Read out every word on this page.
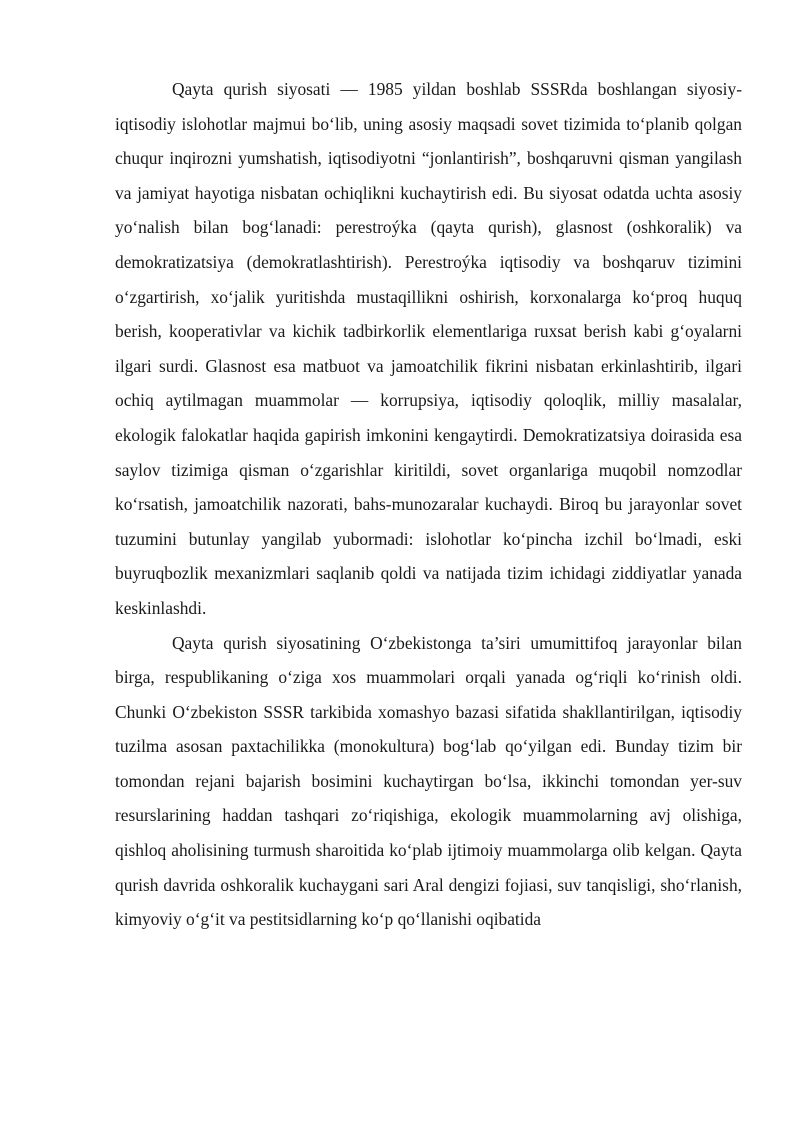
Qayta qurish siyosati — 1985 yildan boshlab SSSRda boshlangan siyosiy-iqtisodiy islohotlar majmui bo‘lib, uning asosiy maqsadi sovet tizimida to‘planib qolgan chuqur inqirozni yumshatish, iqtisodiyotni “jonlantirish”, boshqaruvni qisman yangilash va jamiyat hayotiga nisbatan ochiqlikni kuchaytirish edi. Bu siyosat odatda uchta asosiy yo‘nalish bilan bog‘lanadi: perestroýka (qayta qurish), glasnost (oshkoralik) va demokratizatsiya (demokratlashtirish). Perestroýka iqtisodiy va boshqaruv tizimini o‘zgartirish, xo‘jalik yuritishda mustaqillikni oshirish, korxonalarga ko‘proq huquq berish, kooperativlar va kichik tadbirkorlik elementlariga ruxsat berish kabi g‘oyalarni ilgari surdi. Glasnost esa matbuot va jamoatchilik fikrini nisbatan erkinlashtirib, ilgari ochiq aytilmagan muammolar — korrupsiya, iqtisodiy qoloqlik, milliy masalalar, ekologik falokatlar haqida gapirish imkonini kengaytirdi. Demokratizatsiya doirasida esa saylov tizimiga qisman o‘zgarishlar kiritildi, sovet organlariga muqobil nomzodlar ko‘rsatish, jamoatchilik nazorati, bahs-munozaralar kuchaydi. Biroq bu jarayonlar sovet tuzumini butunlay yangilab yubormadi: islohotlar ko‘pincha izchil bo‘lmadi, eski buyruqbozlik mexanizmlari saqlanib qoldi va natijada tizim ichidagi ziddiyatlar yanada keskinlashdi.

Qayta qurish siyosatining O‘zbekistonga ta’siri umumittifoq jarayonlar bilan birga, respublikaning o‘ziga xos muammolari orqali yanada og‘riqli ko‘rinish oldi. Chunki O‘zbekiston SSSR tarkibida xomashyo bazasi sifatida shakllantirilgan, iqtisodiy tuzilma asosan paxtachilikka (monokultura) bog‘lab qo‘yilgan edi. Bunday tizim bir tomondan rejani bajarish bosimini kuchaytirgan bo‘lsa, ikkinchi tomondan yer-suv resurslarining haddan tashqari zo‘riqishiga, ekologik muammolarning avj olishiga, qishloq aholisining turmush sharoitida ko‘plab ijtimoiy muammolarga olib kelgan. Qayta qurish davrida oshkoralik kuchaygani sari Aral dengizi fojiasi, suv tanqisligi, sho‘rlanish, kimyoviy o‘g‘it va pestitsidlarning ko‘p qo‘llanishi oqibatida
